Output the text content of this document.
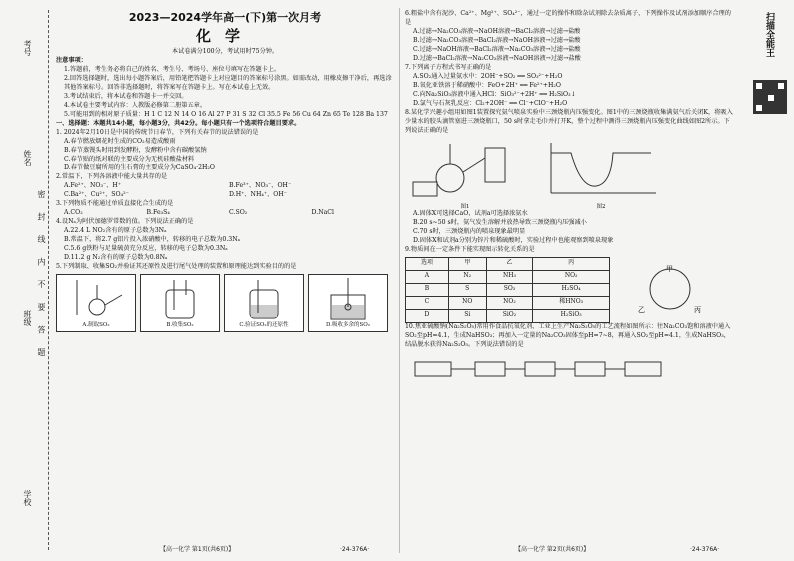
考号
姓名
班级
学校
密 封 线 内 不 要 答 题

2023—2024学年高一(下)第一次月考

化学

本试卷满分100分，考试用时75分钟。

注意事项：

1.答题前，考生务必将自己的姓名、考生号、考场号、座位号填写在答题卡上。

2.回答选择题时，选出每小题答案后，用铅笔把答题卡上对应题目的答案标号涂黑。如需改动，用橡皮擦干净后，再选涂其他答案标号。回答非选择题时，将答案写在答题卡上。写在本试卷上无效。

3.考试结束后，将本试卷和答题卡一并交回。

4.本试卷主要考试内容：人教版必修第二册第五章。

5.可能用到的相对原子质量：H 1 C 12 N 14 O 16 Al 27 P 31 S 32 Cl 35.5 Fe 56 Cu 64 Zn 65 Te 128 Ba 137

一、选择题：本题共14小题，每小题3分，共42分。每小题只有一个选项符合题目要求。

1. 2024年2月10日是中国的传统节日春节，下列有关春节的说法错误的是

A.春节燃放烟花时生成的CO₂易造成酸雨

B.春节蒸馒头时用到发酵粉，发酵粉中含有碳酸氢钠

C.春节贴的纸对联的主要成分为无机硅酸盐材料

D.春节做豆腐所用的生石膏的主要成分为CaSO₄·2H₂O

2.常温下，下列各溶液中能大量共存的是

A.Fe²⁺、NO₃⁻、H⁺	B.Fe³⁺、NO₃⁻、OH⁻
C.Ba²⁺、Cu²⁺、SO₄²⁻	D.H⁺、NH₄⁺、OH⁻

3.下列物质不能通过单质直接化合生成的是

A.CO₂	B.Fe₃S₄	C.SO₂	D.NaCl

4.设Nₐ为阿伏加德罗常数的值。下列说法正确的是

A.22.4 L NO₂含有的原子总数为3Nₐ

B.常温下，将2.7 g铝片投入浓硝酸中，转移的电子总数为0.3Nₐ

C.5.6 g铁粉与足量硫黄充分反应，转移的电子总数为0.3Nₐ

D.11.2 g N₂含有的原子总数为0.8Nₐ

5.下列制取、收集SO₂并验证其还原性及进行尾气处理的装置和原理能达到实验目的的是

A.制取SO₂	B.收集SO₂	C.验证SO₂的还原性	D.吸收多余的SO₂

6.粗盐中含有泥沙、Ca²⁺、Mg²⁺、SO₄²⁻，通过一定的操作和除杂试剂除去杂质离子，下列操作及试剂添加顺序合理的是

A.过滤→Na₂CO₃溶液→NaOH溶液→BaCl₂溶液→过滤→盐酸

B.过滤→Na₂CO₃溶液→BaCl₂溶液→NaOH溶液→过滤→盐酸

C.过滤→NaOH溶液→BaCl₂溶液→Na₂CO₃溶液→过滤→盐酸

D.过滤→BaCl₂溶液→Na₂CO₃溶液→NaOH溶液→过滤→盐酸

7.下列离子方程式书写正确的是

A.SO₂通入过量氨水中：2OH⁻+SO₂ ══ SO₃²⁻+H₂O

B.氧化亚铁溶于稀硝酸中：FeO+2H⁺ ══ Fe²⁺+H₂O

C.向Na₂SiO₃溶液中通入HCl：SiO₃²⁻+2H⁺ ══ H₂SiO₃↓

D.氯气与石灰乳反应：Cl₂+2OH⁻ ══ Cl⁻+ClO⁻+H₂O

8.某化学兴趣小组用如图1装置探究氨气喷泉实验中三颈烧瓶内压强变化。图1中的三颈烧瓶收集满氨气后关闭K，将吸入少量水的胶头滴管塞进三颈烧瓶口，50 s时拿走毛巾并打开K，整个过程中测得三颈烧瓶内压强变化曲线如图2所示。下列说法正确的是

图1	图2

A.固体X可选择CaO，试剂a可选择浓氨水

B.20 s~50 s时，氨气发生溶解并放热导致三颈烧瓶内压强减小

C.70 s时，三颈烧瓶内的喷泉现象最明显

D.固体X和试剂a分别为锌片和稀硫酸时，实验过程中也能观察到喷泉现象

9.物质间在一定条件下能实现图示转化关系的是

选项	甲	乙	丙
A	N₂	NH₃	NO₂
B	S	SO₃	H₂SO₄
C	NO	NO₂	稀HNO₃
D	Si	SiO₂	H₂SiO₃
甲
乙	丙

10.焦亚硫酸钠(Na₂S₂O₅)常用作食品抗氧化剂，工业上生产Na₂S₂O₅的工艺流程如图所示：往Na₂CO₃饱和溶液中通入SO₂至pH=4.1，生成NaHSO₃；再加入一定量的Na₂CO₃固体至pH=7~8，再通入SO₂至pH=4.1，生成NaHSO₃，结晶脱水获得Na₂S₂O₅。下列说法错误的是

【高一化学 第1页(共6页)】	·24-376A·	【高一化学 第2页(共6页)】	·24-376A·
扫描全能王
